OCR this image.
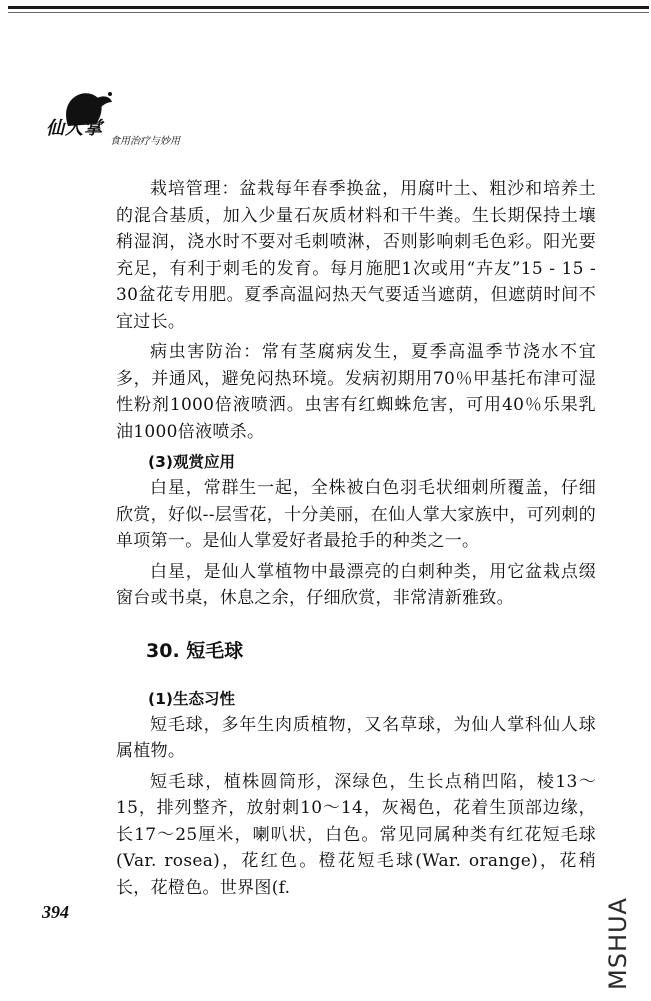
仙人掌
食用治疗与妙用

栽培管理：盆栽每年春季换盆，用腐叶土、粗沙和培养土的混合基质，加入少量石灰质材料和干牛粪。生长期保持土壤稍湿润，浇水时不要对毛刺喷淋，否则影响刺毛色彩。阳光要充足，有利于刺毛的发育。每月施肥1次或用“卉友”15 - 15 - 30盆花专用肥。夏季高温闷热天气要适当遮荫，但遮荫时间不宜过长。

病虫害防治：常有茎腐病发生，夏季高温季节浇水不宜多，并通风，避免闷热环境。发病初期用70％甲基托布津可湿性粉剂1000倍液喷洒。虫害有红蜘蛛危害，可用40％乐果乳油1000倍液喷杀。

(3)观赏应用

白星，常群生一起，全株被白色羽毛状细刺所覆盖，仔细欣赏，好似--层雪花，十分美丽，在仙人掌大家族中，可列刺的单项第一。是仙人掌爱好者最抢手的种类之一。

白星，是仙人掌植物中最漂亮的白刺种类，用它盆栽点缀窗台或书桌，休息之余，仔细欣赏，非常清新雅致。

30. 短毛球

(1)生态习性

短毛球，多年生肉质植物，又名草球，为仙人掌科仙人球属植物。

短毛球，植株圆筒形，深绿色，生长点稍凹陷，棱13～15，排列整齐，放射刺10～14，灰褐色，花着生顶部边缘，长17～25厘米，喇叭状，白色。常见同属种类有红花短毛球(Var. rosea)，花红色。橙花短毛球(War. orange)，花稍长，花橙色。世界图(f.

394	MSHUA
